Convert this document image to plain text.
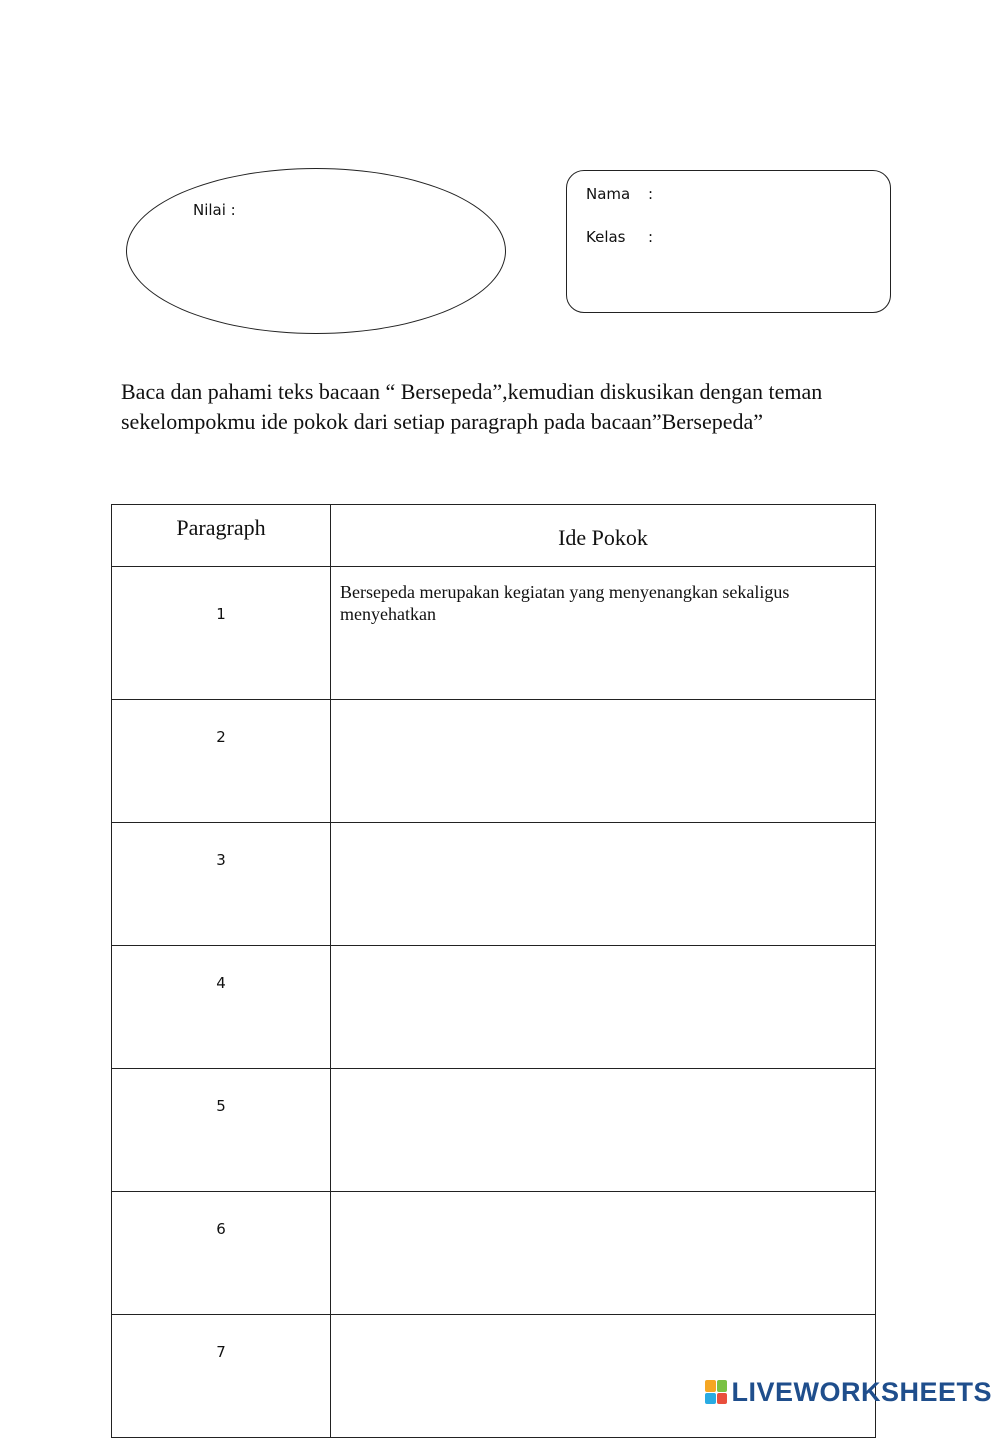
Nilai :
Nama :
Kelas :
Baca dan pahami teks bacaan “ Bersepeda”,kemudian diskusikan dengan teman sekelompokmu ide pokok dari setiap paragraph pada bacaan”Bersepeda”
Paragraph	Ide Pokok
1	Bersepeda merupakan kegiatan yang menyenangkan sekaligus menyehatkan
2	
3	
4	
5	
6	
7	
LIVEWORKSHEETS
